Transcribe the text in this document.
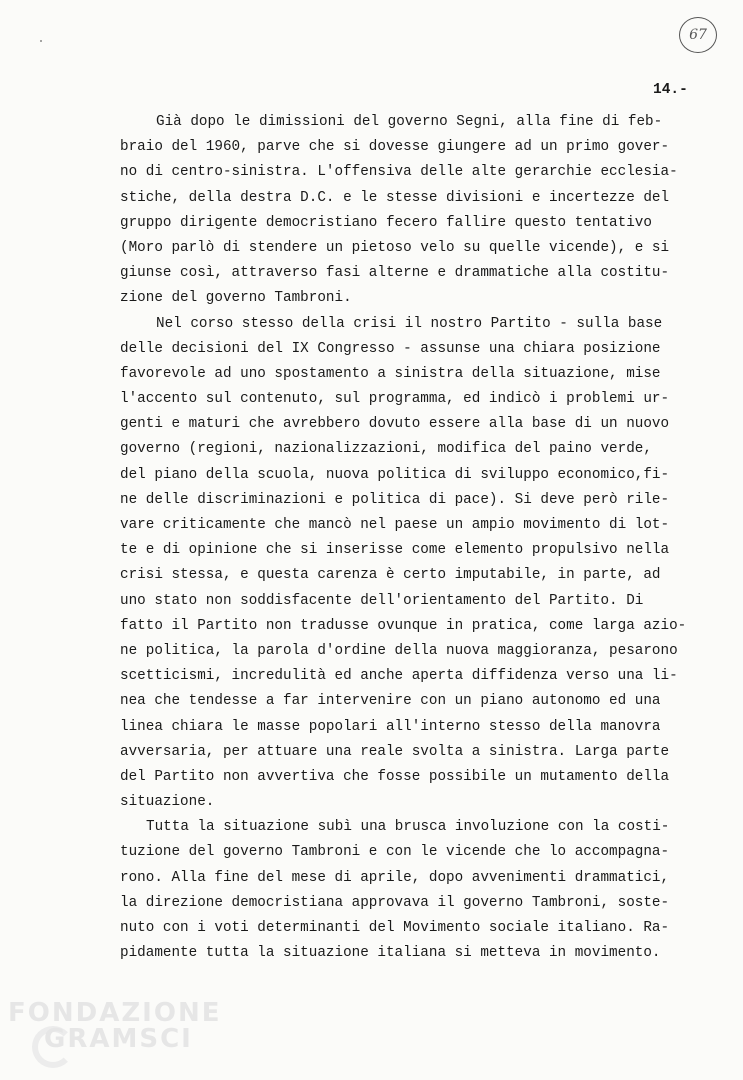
67
14.-
Già dopo le dimissioni del governo Segni, alla fine di feb-
braio del 1960, parve che si dovesse giungere ad un primo gover-
no di centro-sinistra. L'offensiva delle alte gerarchie ecclesia-
stiche, della destra D.C. e le stesse divisioni e incertezze del
gruppo dirigente democristiano fecero fallire questo tentativo
(Moro parlò di stendere un pietoso velo su quelle vicende), e si
giunse così, attraverso fasi alterne e drammatiche alla costitu-
zione del governo Tambroni.
Nel corso stesso della crisi il nostro Partito - sulla base
delle decisioni del IX Congresso - assunse una chiara posizione
favorevole ad uno spostamento a sinistra della situazione, mise
l'accento sul contenuto, sul programma, ed indicò i problemi ur-
genti e maturi che avrebbero dovuto essere alla base di un nuovo
governo (regioni, nazionalizzazioni, modifica del paino verde,
del piano della scuola, nuova politica di sviluppo economico,fi-
ne delle discriminazioni e politica di pace). Si deve però rile-
vare criticamente che mancò nel paese un ampio movimento di lot-
te e di opinione che si inserisse come elemento propulsivo nella
crisi stessa, e questa carenza è certo imputabile, in parte, ad
uno stato non soddisfacente dell'orientamento del Partito. Di
fatto il Partito non tradusse ovunque in pratica, come larga azio-
ne politica, la parola d'ordine della nuova maggioranza, pesarono
scetticismi, incredulità ed anche aperta diffidenza verso una li-
nea che tendesse a far intervenire con un piano autonomo ed una
linea chiara le masse popolari all'interno stesso della manovra
avversaria, per attuare una reale svolta a sinistra. Larga parte
del Partito non avvertiva che fosse possibile un mutamento della
situazione.
Tutta la situazione subì una brusca involuzione con la costi-
tuzione del governo Tambroni e con le vicende che lo accompagna-
rono. Alla fine del mese di aprile, dopo avvenimenti drammatici,
la direzione democristiana approvava il governo Tambroni, soste-
nuto con i voti determinanti del Movimento sociale italiano. Ra-
pidamente tutta la situazione italiana si metteva in movimento.
FONDAZIONE
GRAMSCI
